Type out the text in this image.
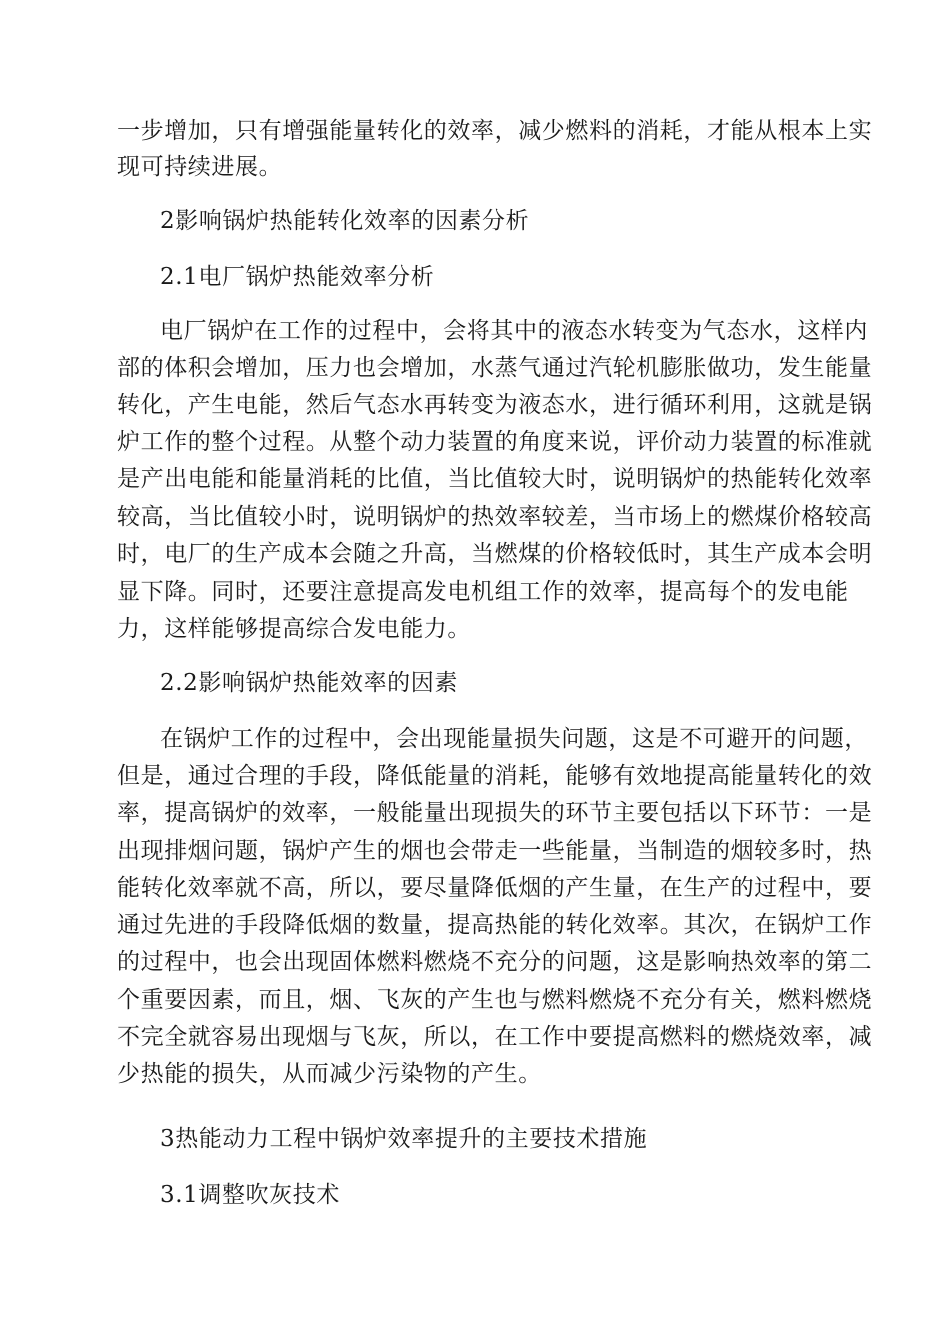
一步增加，只有增强能量转化的效率，减少燃料的消耗，才能从根本上实
现可持续进展。
2影响锅炉热能转化效率的因素分析
2.1电厂锅炉热能效率分析
电厂锅炉在工作的过程中，会将其中的液态水转变为气态水，这样内
部的体积会增加，压力也会增加，水蒸气通过汽轮机膨胀做功，发生能量
转化，产生电能，然后气态水再转变为液态水，进行循环利用，这就是锅
炉工作的整个过程。从整个动力装置的角度来说，评价动力装置的标准就
是产出电能和能量消耗的比值，当比值较大时，说明锅炉的热能转化效率
较高，当比值较小时，说明锅炉的热效率较差，当市场上的燃煤价格较高
时，电厂的生产成本会随之升高，当燃煤的价格较低时，其生产成本会明
显下降。同时，还要注意提高发电机组工作的效率，提高每个的发电能
力，这样能够提高综合发电能力。
2.2影响锅炉热能效率的因素
在锅炉工作的过程中，会出现能量损失问题，这是不可避开的问题，
但是，通过合理的手段，降低能量的消耗，能够有效地提高能量转化的效
率，提高锅炉的效率，一般能量出现损失的环节主要包括以下环节：一是
出现排烟问题，锅炉产生的烟也会带走一些能量，当制造的烟较多时，热
能转化效率就不高，所以，要尽量降低烟的产生量，在生产的过程中，要
通过先进的手段降低烟的数量，提高热能的转化效率。其次，在锅炉工作
的过程中，也会出现固体燃料燃烧不充分的问题，这是影响热效率的第二
个重要因素，而且，烟、飞灰的产生也与燃料燃烧不充分有关，燃料燃烧
不完全就容易出现烟与飞灰，所以，在工作中要提高燃料的燃烧效率，减
少热能的损失，从而减少污染物的产生。
3热能动力工程中锅炉效率提升的主要技术措施
3.1调整吹灰技术
